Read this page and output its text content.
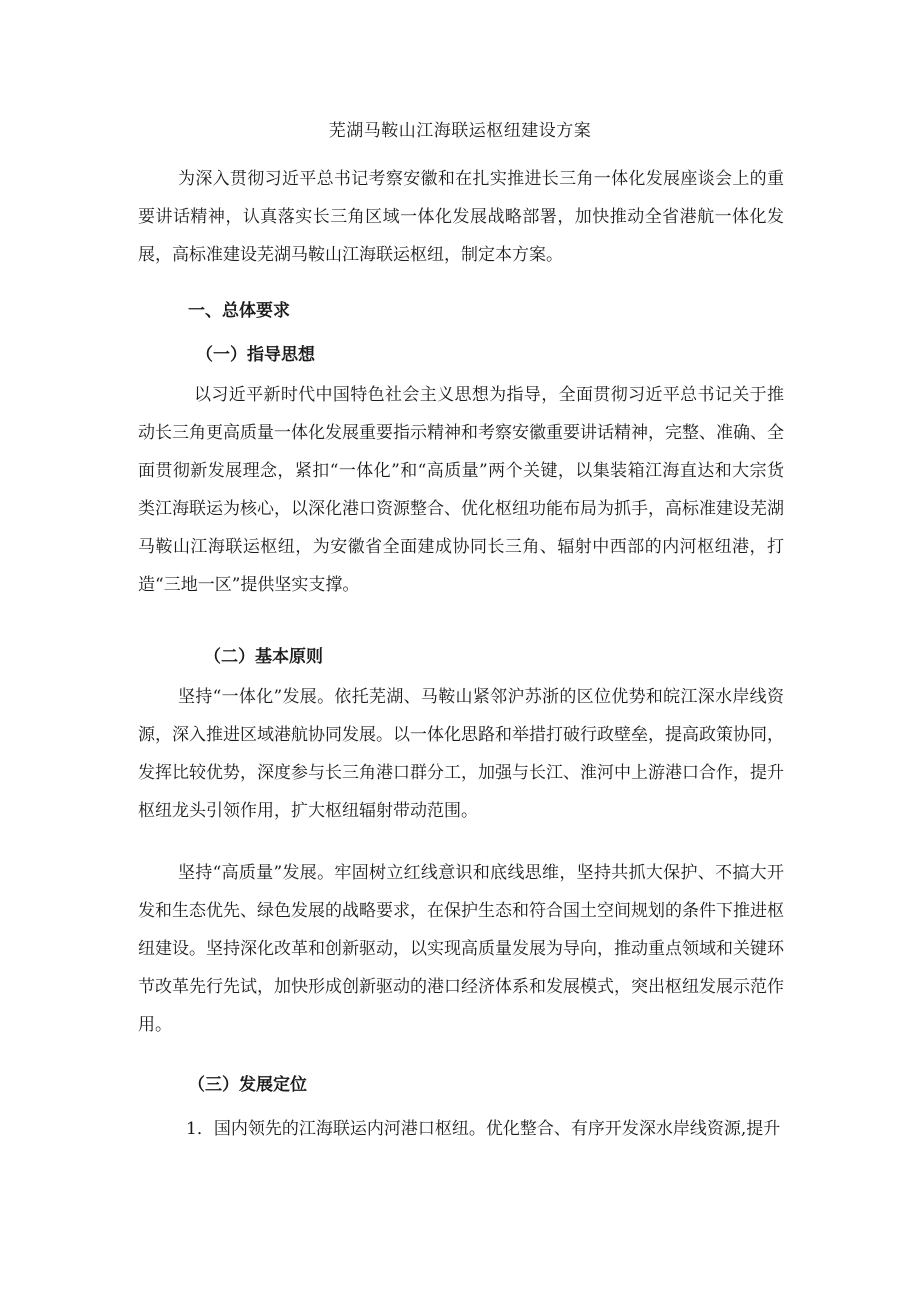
芜湖马鞍山江海联运枢纽建设方案

为深入贯彻习近平总书记考察安徽和在扎实推进长三角一体化发展座谈会上的重要讲话精神，认真落实长三角区域一体化发展战略部署，加快推动全省港航一体化发展，高标准建设芜湖马鞍山江海联运枢纽，制定本方案。

一、总体要求
（一）指导思想

以习近平新时代中国特色社会主义思想为指导，全面贯彻习近平总书记关于推动长三角更高质量一体化发展重要指示精神和考察安徽重要讲话精神，完整、准确、全面贯彻新发展理念，紧扣“一体化”和“高质量”两个关键，以集装箱江海直达和大宗货类江海联运为核心，以深化港口资源整合、优化枢纽功能布局为抓手，高标准建设芜湖马鞍山江海联运枢纽，为安徽省全面建成协同长三角、辐射中西部的内河枢纽港，打造“三地一区”提供坚实支撑。

（二）基本原则

坚持“一体化”发展。依托芜湖、马鞍山紧邻沪苏浙的区位优势和皖江深水岸线资源，深入推进区域港航协同发展。以一体化思路和举措打破行政壁垒，提高政策协同，发挥比较优势，深度参与长三角港口群分工，加强与长江、淮河中上游港口合作，提升枢纽龙头引领作用，扩大枢纽辐射带动范围。

坚持“高质量”发展。牢固树立红线意识和底线思维，坚持共抓大保护、不搞大开发和生态优先、绿色发展的战略要求，在保护生态和符合国土空间规划的条件下推进枢纽建设。坚持深化改革和创新驱动，以实现高质量发展为导向，推动重点领域和关键环节改革先行先试，加快形成创新驱动的港口经济体系和发展模式，突出枢纽发展示范作用。

（三）发展定位

1．国内领先的江海联运内河港口枢纽。优化整合、有序开发深水岸线资源,提升
